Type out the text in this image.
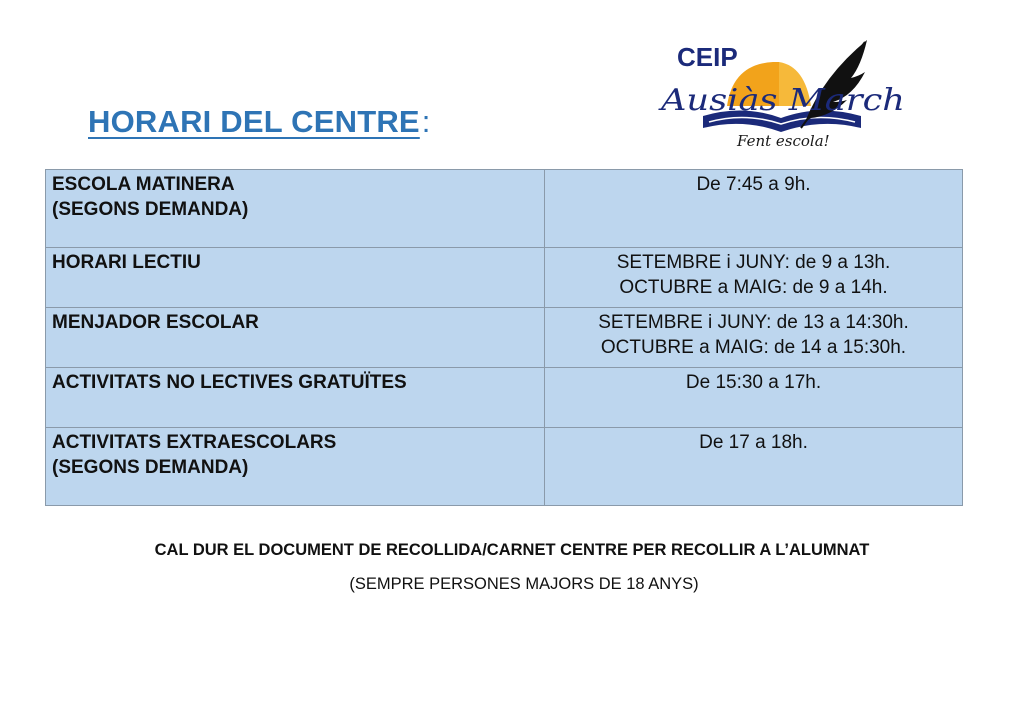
HORARI DEL CENTRE:
CEIP
Ausiàs March
Fent escola!
ESCOLA MATINERA
(SEGONS DEMANDA)	De 7:45 a 9h.

HORARI LECTIU	SETEMBRE i JUNY: de 9 a 13h.
OCTUBRE a MAIG: de 9 a 14h.

MENJADOR ESCOLAR	SETEMBRE i JUNY: de 13 a 14:30h.
OCTUBRE a MAIG: de 14 a 15:30h.

ACTIVITATS NO LECTIVES GRATUÏTES	De 15:30 a 17h.

ACTIVITATS EXTRAESCOLARS
(SEGONS DEMANDA)	De 17 a 18h.
CAL DUR EL DOCUMENT DE RECOLLIDA/CARNET CENTRE PER RECOLLIR A L’ALUMNAT
(SEMPRE PERSONES MAJORS DE 18 ANYS)
